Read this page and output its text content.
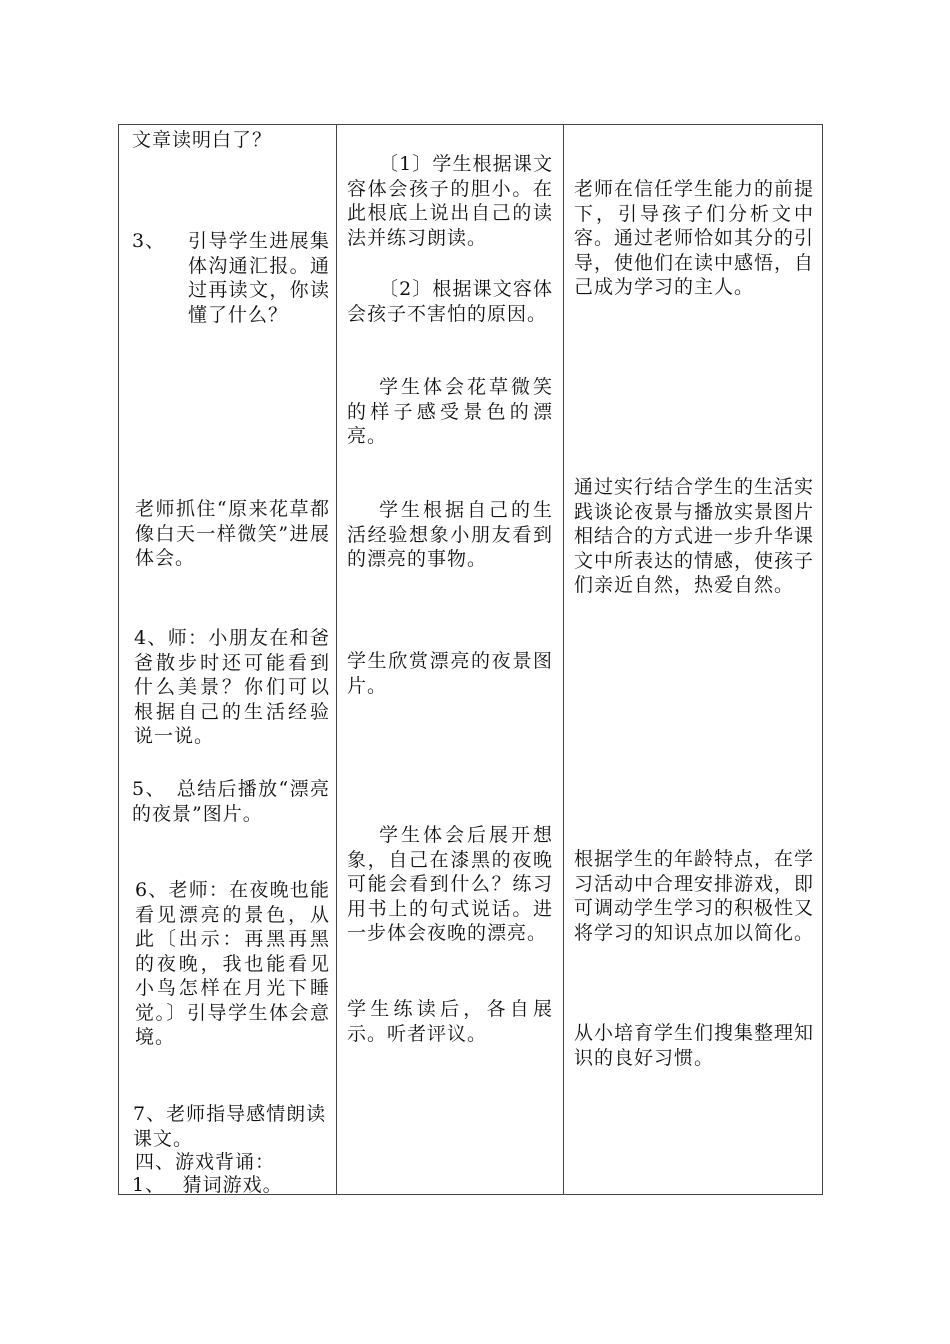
文章读明白了？

3、 引导学生进展集体沟通汇报。通过再读文，你读懂了什么？

老师抓住“原来花草都像白天一样微笑”进展体会。

4、师：小朋友在和爸爸散步时还可能看到什么美景？你们可以根据自己的生活经验说一说。

5、　总结后播放“漂亮的夜景”图片。

6、老师：在夜晚也能看见漂亮的景色，从此〔出示：再黑再黑的夜晚，我也能看见小鸟怎样在月光下睡觉。〕引导学生体会意境。

7、老师指导感情朗读课文。

四、游戏背诵：

1、　 猜词游戏。

〔1〕学生根据课文容体会孩子的胆小。在此根底上说出自己的读法并练习朗读。

〔2〕根据课文容体会孩子不害怕的原因。

学生体会花草微笑的样子感受景色的漂亮。

学生根据自己的生活经验想象小朋友看到的漂亮的事物。

学生欣赏漂亮的夜景图片。

学生体会后展开想象，自己在漆黑的夜晚可能会看到什么？练习用书上的句式说话。进一步体会夜晚的漂亮。

学生练读后，各自展示。听者评议。

老师在信任学生能力的前提下，引导孩子们分析文中容。通过老师恰如其分的引导，使他们在读中感悟，自己成为学习的主人。

通过实行结合学生的生活实践谈论夜景与播放实景图片相结合的方式进一步升华课文中所表达的情感，使孩子们亲近自然，热爱自然。

根据学生的年龄特点，在学习活动中合理安排游戏，即可调动学生学习的积极性又将学习的知识点加以简化。

从小培育学生们搜集整理知识的良好习惯。
